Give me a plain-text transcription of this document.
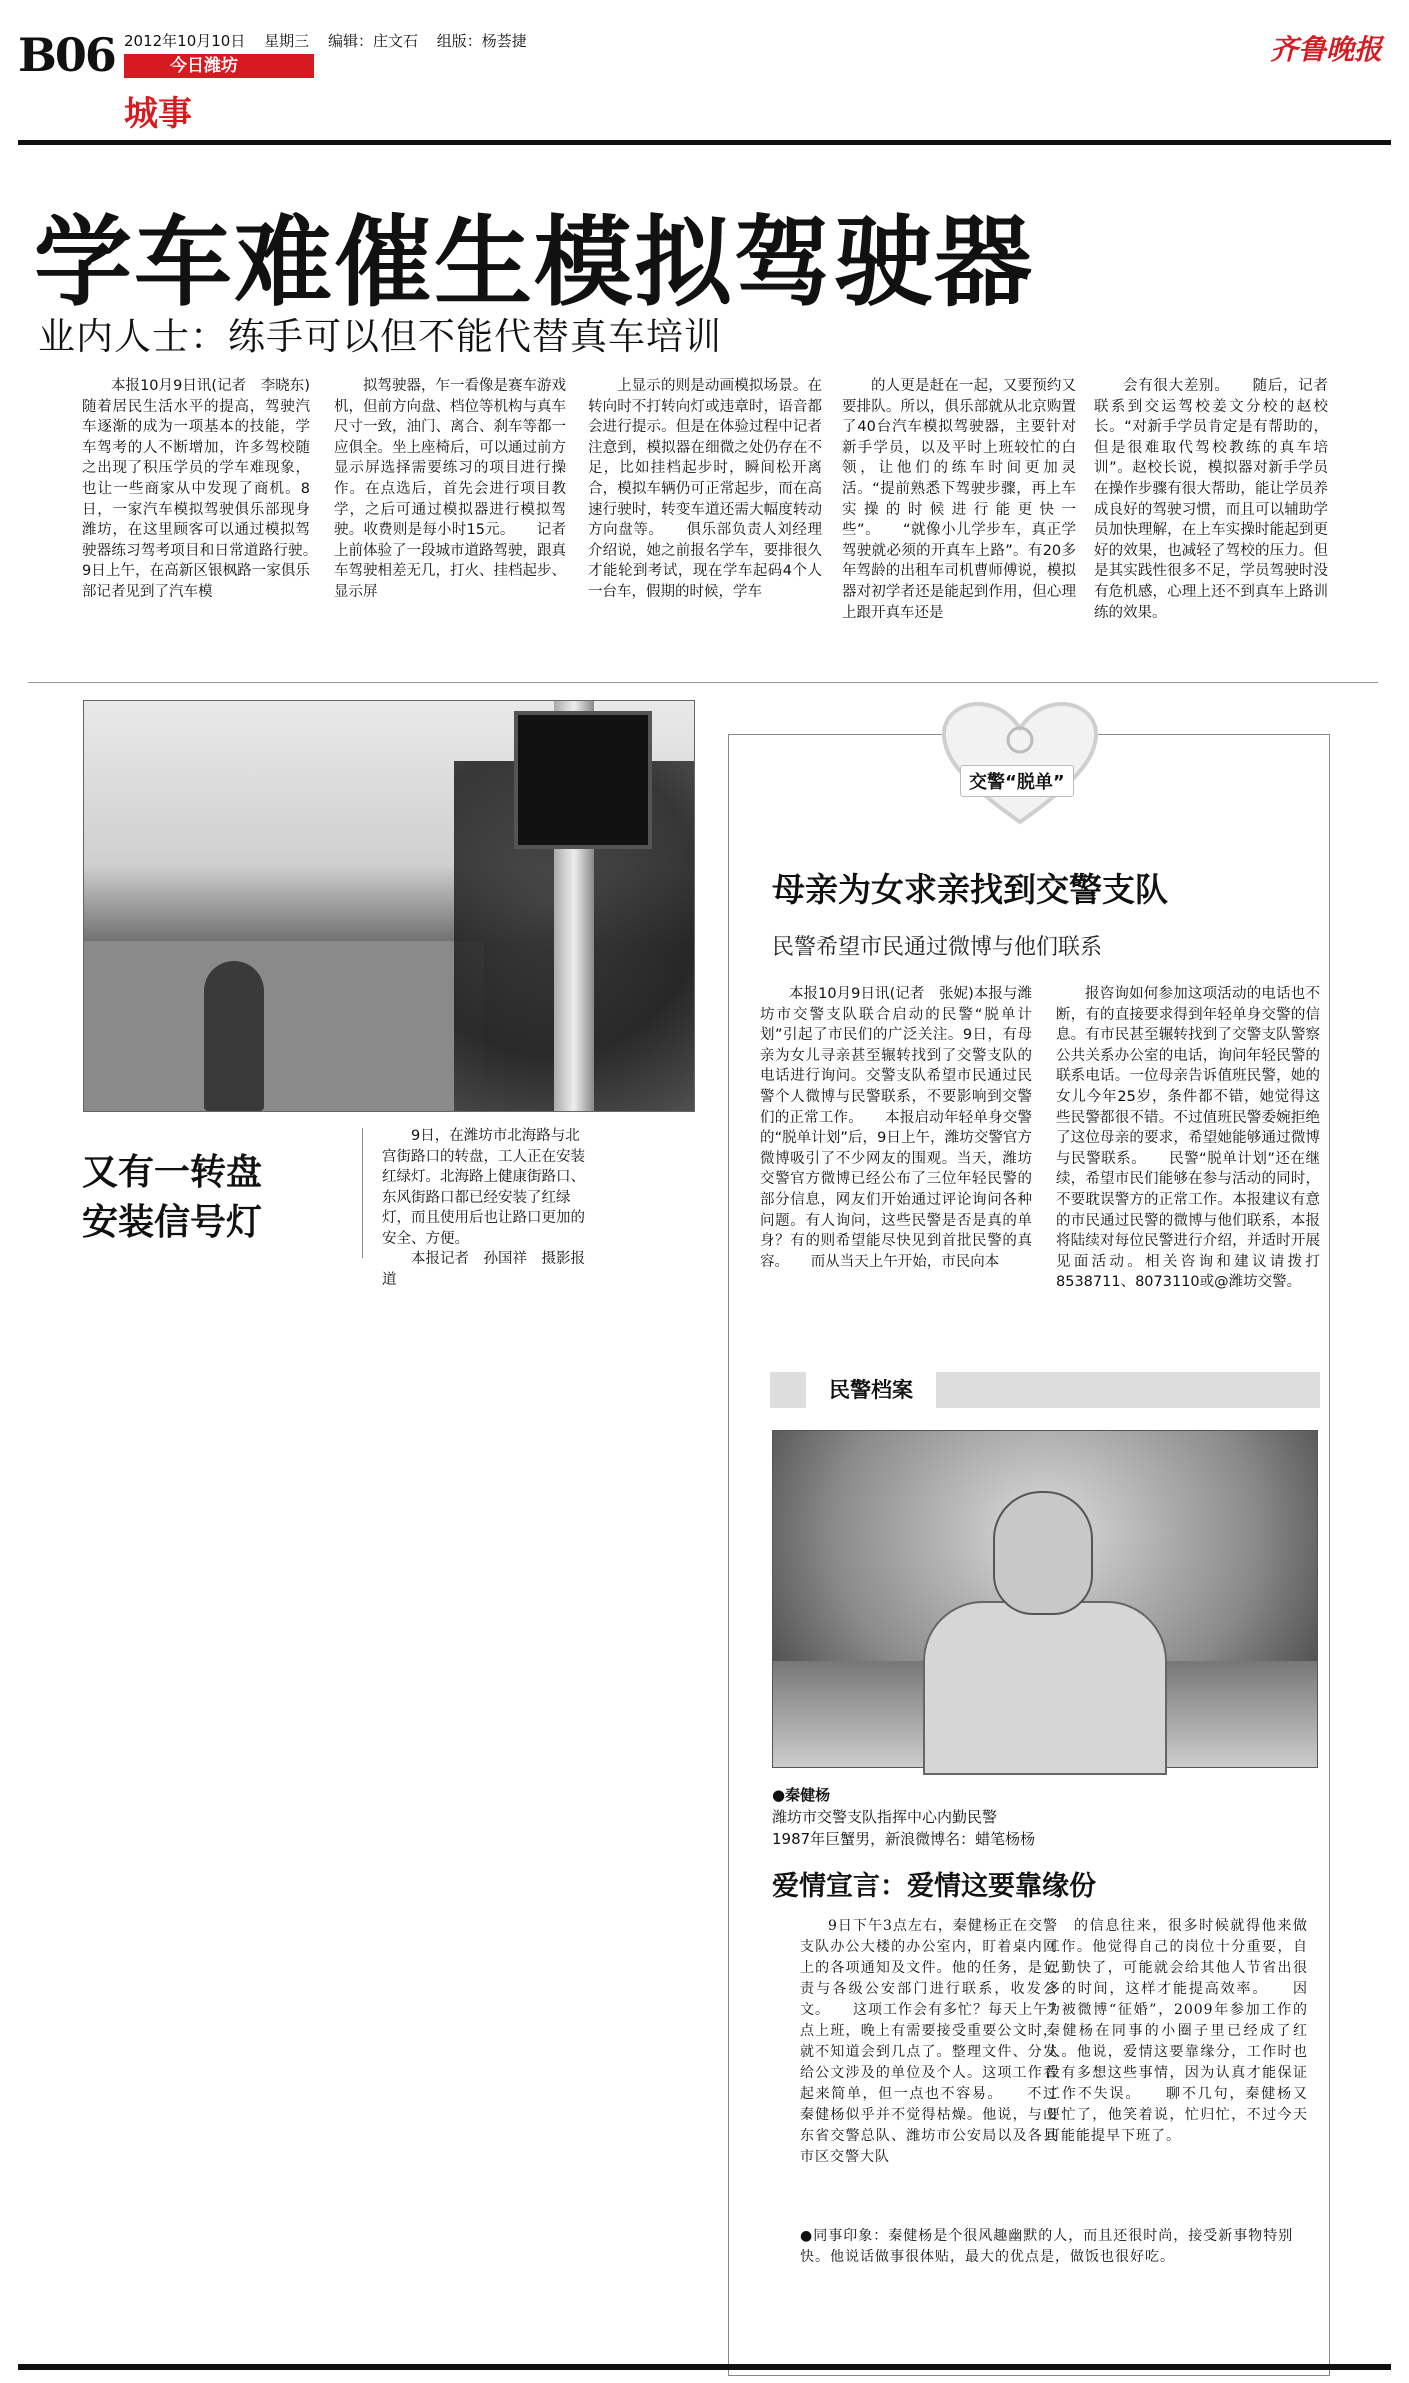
B06 2012年10月10日 星期三 编辑：庄文石 组版：杨荟捷
今日潍坊
城事
齐鲁晚报
学车难催生模拟驾驶器
业内人士：练手可以但不能代替真车培训

本报10月9日讯(记者　李晓东)随着居民生活水平的提高，驾驶汽车逐渐的成为一项基本的技能，学车驾考的人不断增加，许多驾校随之出现了积压学员的学车难现象，也让一些商家从中发现了商机。8日，一家汽车模拟驾驶俱乐部现身潍坊，在这里顾客可以通过模拟驾驶器练习驾考项目和日常道路行驶。　　9日上午，在高新区银枫路一家俱乐部记者见到了汽车模

拟驾驶器，乍一看像是赛车游戏机，但前方向盘、档位等机构与真车尺寸一致，油门、离合、刹车等都一应俱全。坐上座椅后，可以通过前方显示屏选择需要练习的项目进行操作。在点选后，首先会进行项目教学，之后可通过模拟器进行模拟驾驶。收费则是每小时15元。　　记者上前体验了一段城市道路驾驶，跟真车驾驶相差无几，打火、挂档起步、显示屏

上显示的则是动画模拟场景。在转向时不打转向灯或违章时，语音都会进行提示。但是在体验过程中记者注意到，模拟器在细微之处仍存在不足，比如挂档起步时，瞬间松开离合，模拟车辆仍可正常起步，而在高速行驶时，转变车道还需大幅度转动方向盘等。　　俱乐部负责人刘经理介绍说，她之前报名学车，要排很久才能轮到考试，现在学车起码4个人一台车，假期的时候，学车

的人更是赶在一起，又要预约又要排队。所以，俱乐部就从北京购置了40台汽车模拟驾驶器，主要针对新手学员，以及平时上班较忙的白领，让他们的练车时间更加灵活。“提前熟悉下驾驶步骤，再上车实操的时候进行能更快一些”。　　“就像小儿学步车，真正学驾驶就必须的开真车上路”。有20多年驾龄的出租车司机曹师傅说，模拟器对初学者还是能起到作用，但心理上跟开真车还是

会有很大差别。　　随后，记者联系到交运驾校姜文分校的赵校长。“对新手学员肯定是有帮助的，但是很难取代驾校教练的真车培训”。赵校长说，模拟器对新手学员在操作步骤有很大帮助，能让学员养成良好的驾驶习惯，而且可以辅助学员加快理解，在上车实操时能起到更好的效果，也减轻了驾校的压力。但是其实践性很多不足，学员驾驶时没有危机感，心理上还不到真车上路训练的效果。

又有一转盘
安装信号灯

9日，在潍坊市北海路与北宫街路口的转盘，工人正在安装红绿灯。北海路上健康街路口、东风街路口都已经安装了红绿灯，而且使用后也让路口更加的安全、方便。

本报记者　孙国祥　摄影报道

交警“脱单”
母亲为女求亲找到交警支队
民警希望市民通过微博与他们联系

本报10月9日讯(记者　张妮)本报与潍坊市交警支队联合启动的民警“脱单计划”引起了市民们的广泛关注。9日，有母亲为女儿寻亲甚至辗转找到了交警支队的电话进行询问。交警支队希望市民通过民警个人微博与民警联系，不要影响到交警们的正常工作。　　本报启动年轻单身交警的“脱单计划”后，9日上午，潍坊交警官方微博吸引了不少网友的围观。当天，潍坊交警官方微博已经公布了三位年轻民警的部分信息，网友们开始通过评论询问各种问题。有人询问，这些民警是否是真的单身？有的则希望能尽快见到首批民警的真容。　　而从当天上午开始，市民向本

报咨询如何参加这项活动的电话也不断，有的直接要求得到年轻单身交警的信息。有市民甚至辗转找到了交警支队警察公共关系办公室的电话，询问年轻民警的联系电话。一位母亲告诉值班民警，她的女儿今年25岁，条件都不错，她觉得这些民警都很不错。不过值班民警委婉拒绝了这位母亲的要求，希望她能够通过微博与民警联系。　　民警“脱单计划”还在继续，希望市民们能够在参与活动的同时，不要耽误警方的正常工作。本报建议有意的市民通过民警的微博与他们联系，本报将陆续对每位民警进行介绍，并适时开展见面活动。相关咨询和建议请拨打8538711、8073110或@潍坊交警。

民警档案
●秦健杨
潍坊市交警支队指挥中心内勤民警
1987年巨蟹男，新浪微博名：蜡笔杨杨
爱情宣言：爱情这要靠缘份

9日下午3点左右，秦健杨正在交警支队办公大楼的办公室内，盯着桌内网上的各项通知及文件。他的任务，是负责与各级公安部门进行联系，收发公文。　　这项工作会有多忙？每天上午7点上班，晚上有需要接受重要公文时，就不知道会到几点了。整理文件、分发给公文涉及的单位及个人。这项工作看起来简单，但一点也不容易。　　不过秦健杨似乎并不觉得枯燥。他说，与山东省交警总队、潍坊市公安局以及各县市区交警大队

的信息往来，很多时候就得他来做工作。他觉得自己的岗位十分重要，自己勤快了，可能就会给其他人节省出很多的时间，这样才能提高效率。　　因为被微博“征婚”，2009年参加工作的秦健杨在同事的小圈子里已经成了红人。他说，爱情这要靠缘分，工作时也没有多想这些事情，因为认真才能保证工作不失误。　　聊不几句，秦健杨又要忙了，他笑着说，忙归忙，不过今天可能能提早下班了。

●同事印象：秦健杨是个很风趣幽默的人，而且还很时尚，接受新事物特别快。他说话做事很体贴，最大的优点是，做饭也很好吃。
